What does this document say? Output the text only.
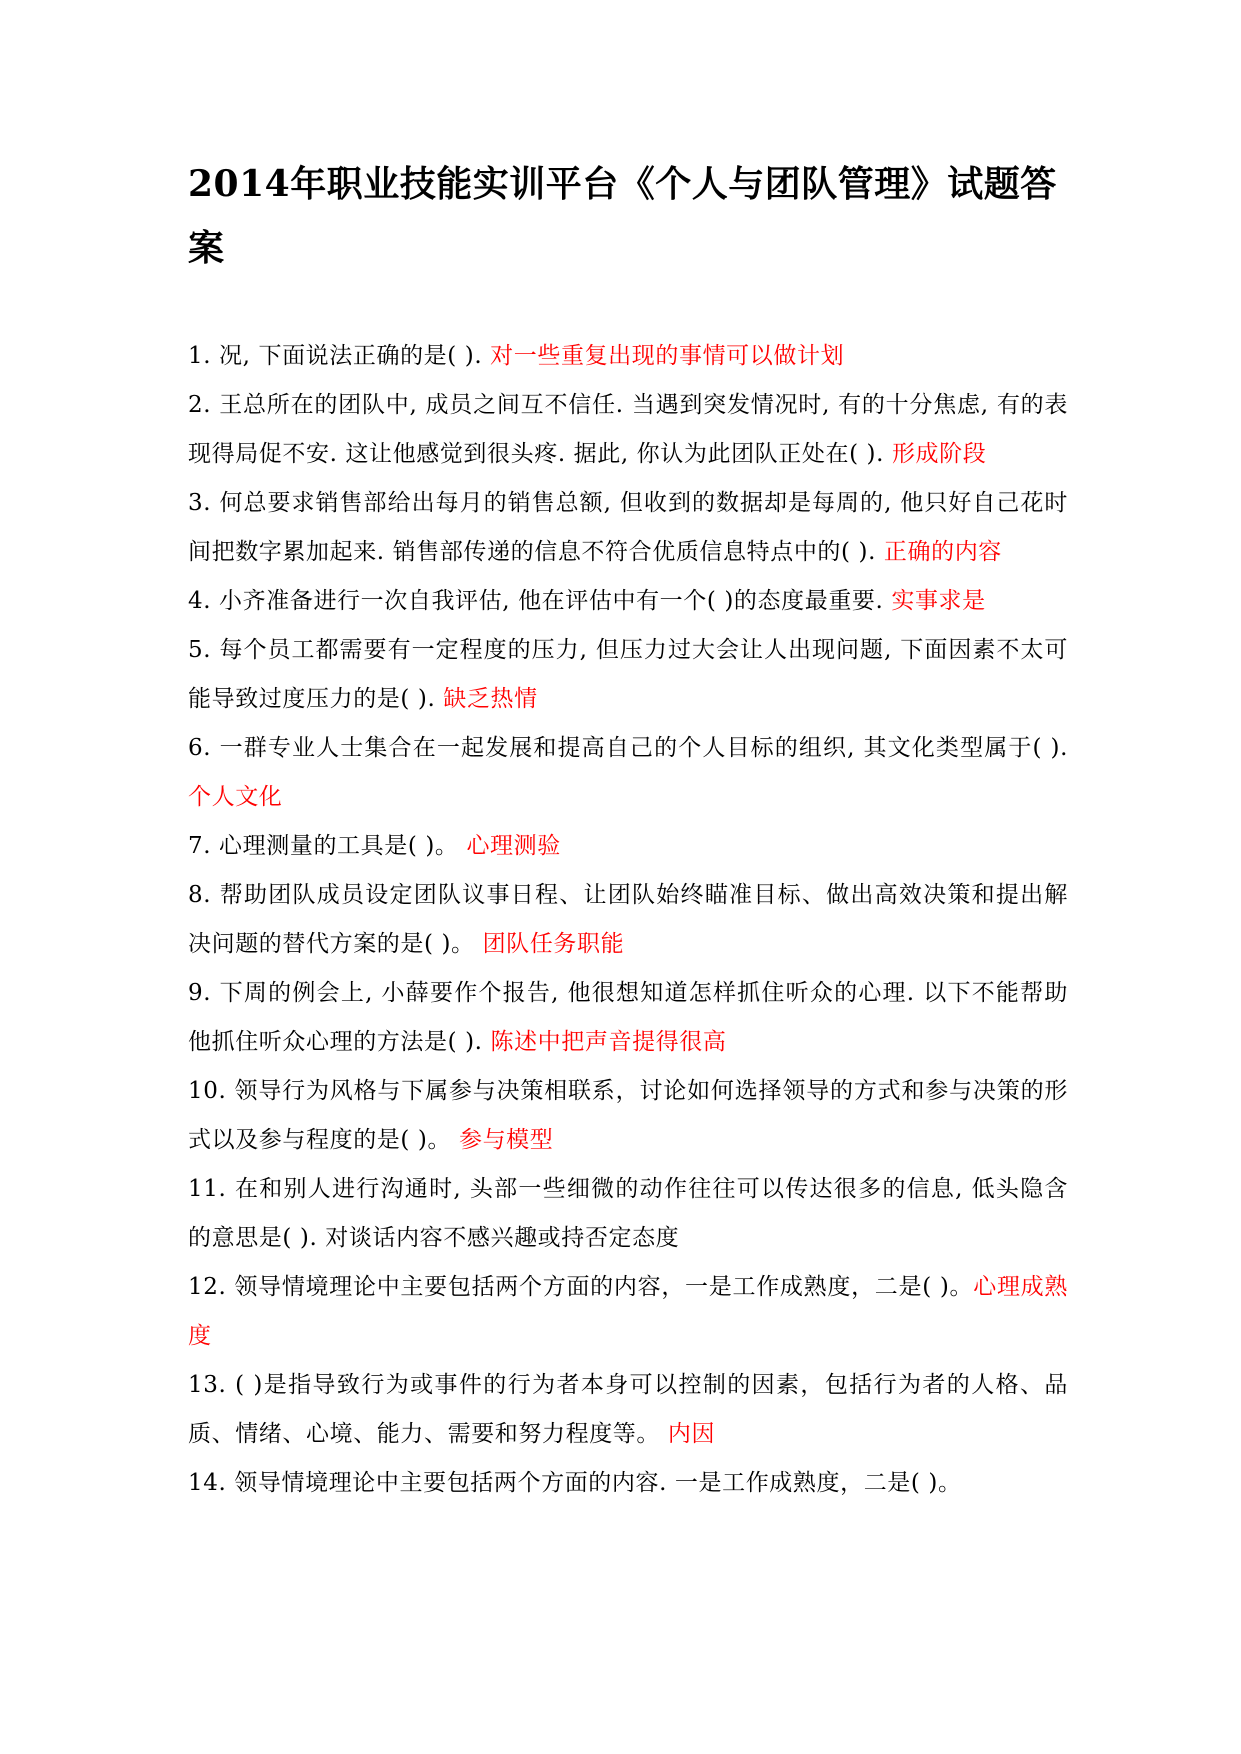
2014年职业技能实训平台《个人与团队管理》试题答案

1. 况, 下面说法正确的是( ). 对一些重复出现的事情可以做计划

2. 王总所在的团队中, 成员之间互不信任. 当遇到突发情况时, 有的十分焦虑, 有的表现得局促不安. 这让他感觉到很头疼. 据此, 你认为此团队正处在( ). 形成阶段

3. 何总要求销售部给出每月的销售总额, 但收到的数据却是每周的, 他只好自己花时间把数字累加起来. 销售部传递的信息不符合优质信息特点中的( ). 正确的内容

4. 小齐准备进行一次自我评估, 他在评估中有一个( )的态度最重要. 实事求是

5. 每个员工都需要有一定程度的压力, 但压力过大会让人出现问题, 下面因素不太可能导致过度压力的是( ). 缺乏热情

6. 一群专业人士集合在一起发展和提高自己的个人目标的组织, 其文化类型属于( ). 个人文化

7. 心理测量的工具是( )。 心理测验

8. 帮助团队成员设定团队议事日程、让团队始终瞄准目标、做出高效决策和提出解决问题的替代方案的是( )。 团队任务职能

9. 下周的例会上, 小薛要作个报告, 他很想知道怎样抓住听众的心理. 以下不能帮助他抓住听众心理的方法是( ). 陈述中把声音提得很高

10. 领导行为风格与下属参与决策相联系，讨论如何选择领导的方式和参与决策的形式以及参与程度的是( )。 参与模型

11. 在和别人进行沟通时, 头部一些细微的动作往往可以传达很多的信息, 低头隐含的意思是( ). 对谈话内容不感兴趣或持否定态度

12. 领导情境理论中主要包括两个方面的内容，一是工作成熟度，二是( )。心理成熟度

13. ( )是指导致行为或事件的行为者本身可以控制的因素，包括行为者的人格、品质、情绪、心境、能力、需要和努力程度等。 内因

14. 领导情境理论中主要包括两个方面的内容. 一是工作成熟度，二是( )。
